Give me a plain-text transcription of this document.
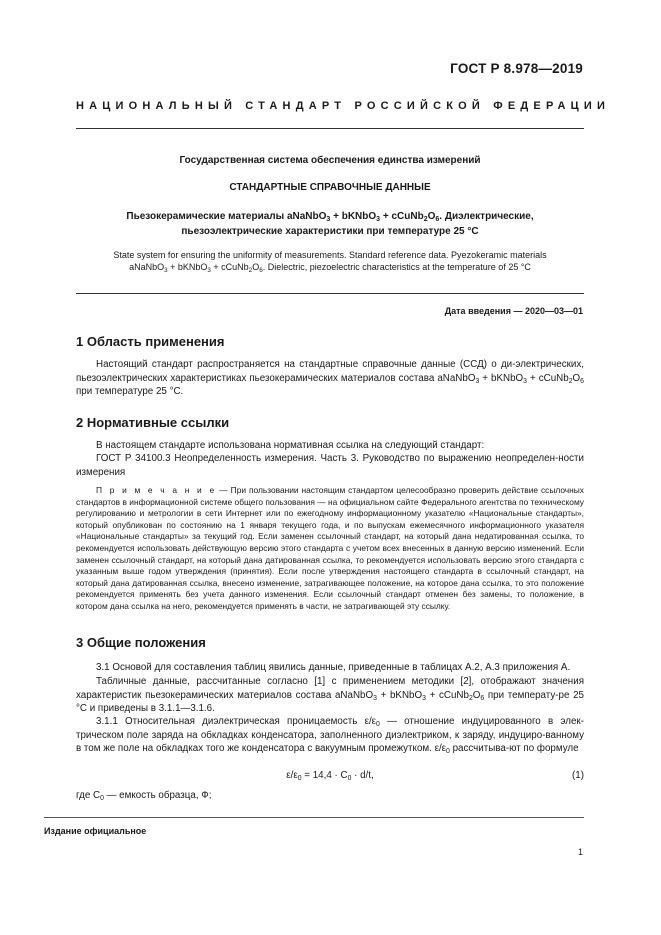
ГОСТ Р 8.978—2019
НАЦИОНАЛЬНЫЙ СТАНДАРТ РОССИЙСКОЙ ФЕДЕРАЦИИ
Государственная система обеспечения единства измерений
СТАНДАРТНЫЕ СПРАВОЧНЫЕ ДАННЫЕ
Пьезокерамические материалы aNaNbO$_3$ + bKNbO$_3$ + $cCuNb_2O_6$. Диэлектрические,
пьезоэлектрические характеристики при температуре 25 °С
State system for ensuring the uniformity of measurements. Standard reference data. Pyezokeramic materials
aNaNbO$_3$ + bKNbO$_3$ + $cCuNb_2O_6$. Dielectric, piezoelectric characteristics at the temperature of 25 °C
Дата введения — 2020—03—01
1 Область применения
Настоящий стандарт распространяется на стандартные справочные данные (ССД) о ди-электрических, пьезоэлектрических характеристиках пьезокерамических материалов состава aNaNbO$_3$ + bKNbO$_3$ + $cCuNb_2O_6$ при температуре 25 °С.
2 Нормативные ссылки
В настоящем стандарте использована нормативная ссылка на следующий стандарт:
ГОСТ Р 34100.3 Неопределенность измерения. Часть 3. Руководство по выражению неопределен-ности измерения
П р и м е ч а н и е — При пользовании настоящим стандартом целесообразно проверить действие ссылочных стандартов в информационной системе общего пользования — на официальном сайте Федерального агентства по техническому регулированию и метрологии в сети Интернет или по ежегодному информационному указателю «Национальные стандарты», который опубликован по состоянию на 1 января текущего года, и по выпускам ежемесячного информационного указателя «Национальные стандарты» за текущий год. Если заменен ссылочный стандарт, на который дана недатированная ссылка, то рекомендуется использовать действующую версию этого стандарта с учетом всех внесенных в данную версию изменений. Если заменен ссылочный стандарт, на который дана датированная ссылка, то рекомендуется использовать версию этого стандарта с указанным выше годом утверждения (принятия). Если после утверждения настоящего стандарта в ссылочный стандарт, на который дана датированная ссылка, внесено изменение, затрагивающее положение, на которое дана ссылка, то это положение рекомендуется применять без учета данного изменения. Если ссылочный стандарт отменен без замены, то положение, в котором дана ссылка на него, рекомендуется применять в части, не затрагивающей эту ссылку.
3 Общие положения
3.1 Основой для составления таблиц явились данные, приведенные в таблицах А.2, А.3 приложения А.
Табличные данные, рассчитанные согласно [1] с применением методики [2], отображают значения характеристик пьезокерамических материалов состава aNaNbO$_3$ + bKNbO$_3$ + $cCuNb_2O_6$ при температу-ре 25 °С и приведены в 3.1.1—3.1.6.
3.1.1 Относительная диэлектрическая проницаемость $\varepsilon/\varepsilon_0$ — отношение индуцированного в элек-трическом поле заряда на обкладках конденсатора, заполненного диэлектриком, к заряду, индуциро-ванному в том же поле на обкладках того же конденсатора с вакуумным промежутком. $\varepsilon/\varepsilon_0$ рассчитыва-ют по формуле
$\varepsilon/\varepsilon_0 = 14,4 \cdot C_0 \cdot d/t$,	(1)
где $C_0$ — емкость образца, Ф;
Издание официальное
1
